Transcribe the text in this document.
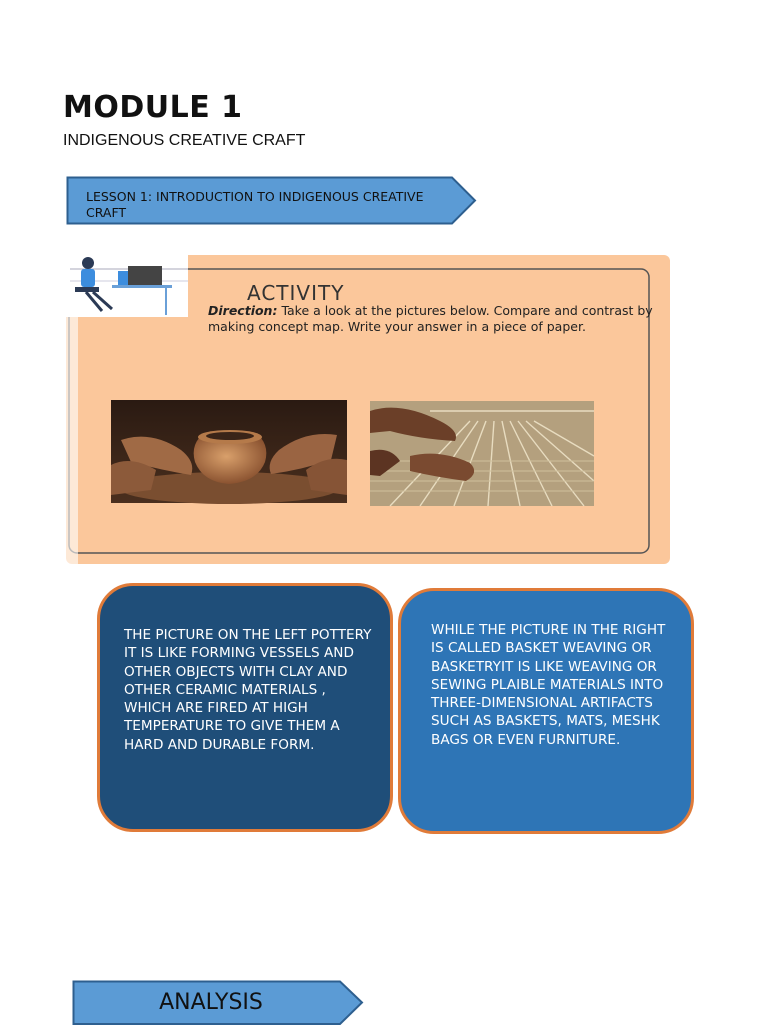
MODULE 1
INDIGENOUS CREATIVE CRAFT
LESSON 1: INTRODUCTION TO INDIGENOUS CREATIVE CRAFT
ACTIVITY
Direction: Take a look at the pictures below. Compare and contrast by making concept map. Write your answer in a piece of paper.
THE PICTURE ON THE LEFT POTTERY IT IS LIKE FORMING VESSELS AND OTHER OBJECTS WITH CLAY AND OTHER CERAMIC MATERIALS , WHICH ARE FIRED AT HIGH TEMPERATURE TO GIVE THEM A HARD AND DURABLE FORM.
WHILE THE PICTURE IN THE RIGHT IS CALLED BASKET WEAVING OR BASKETRYIT IS LIKE WEAVING OR SEWING PLAIBLE MATERIALS INTO THREE-DIMENSIONAL ARTIFACTS SUCH AS BASKETS, MATS, MESHK BAGS OR EVEN FURNITURE.
ANALYSIS
